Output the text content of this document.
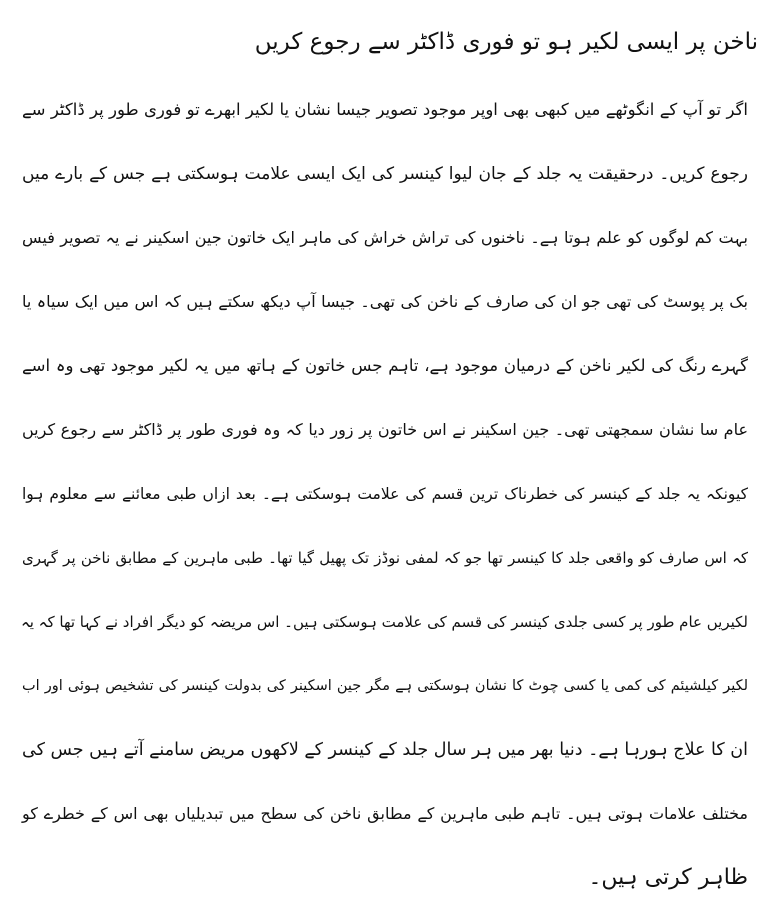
ناخن پر ایسی لکیر ہو تو فوری ڈاکٹر سے رجوع کریں
اگر تو آپ کے انگوٹھے میں کبھی بھی اوپر موجود تصویر جیسا نشان یا لکیر ابھرے تو فوری طور پر ڈاکٹر سے
رجوع کریں۔ درحقیقت یہ جلد کے جان لیوا کینسر کی ایک ایسی علامت ہوسکتی ہے جس کے بارے میں
بہت کم لوگوں کو علم ہوتا ہے۔ ناخنوں کی تراش خراش کی ماہر ایک خاتون جین اسکینر نے یہ تصویر فیس
بک پر پوسٹ کی تھی جو ان کی صارف کے ناخن کی تھی۔ جیسا آپ دیکھ سکتے ہیں کہ اس میں ایک سیاہ یا
گہرے رنگ کی لکیر ناخن کے درمیان موجود ہے، تاہم جس خاتون کے ہاتھ میں یہ لکیر موجود تھی وہ اسے
عام سا نشان سمجھتی تھی۔ جین اسکینر نے اس خاتون پر زور دیا کہ وہ فوری طور پر ڈاکٹر سے رجوع کریں
کیونکہ یہ جلد کے کینسر کی خطرناک ترین قسم کی علامت ہوسکتی ہے۔ بعد ازاں طبی معائنے سے معلوم ہوا
کہ اس صارف کو واقعی جلد کا کینسر تھا جو کہ لمفی نوڈز تک پھیل گیا تھا۔ طبی ماہرین کے مطابق ناخن پر گہری
لکیریں عام طور پر کسی جلدی کینسر کی قسم کی علامت ہوسکتی ہیں۔ اس مریضہ کو دیگر افراد نے کہا تھا کہ یہ
لکیر کیلشیئم کی کمی یا کسی چوٹ کا نشان ہوسکتی ہے مگر جین اسکینر کی بدولت کینسر کی تشخیص ہوئی اور اب
ان کا علاج ہورہا ہے۔ دنیا بھر میں ہر سال جلد کے کینسر کے لاکھوں مریض سامنے آتے ہیں جس کی
مختلف علامات ہوتی ہیں۔ تاہم طبی ماہرین کے مطابق ناخن کی سطح میں تبدیلیاں بھی اس کے خطرے کو
ظاہر کرتی ہیں۔
